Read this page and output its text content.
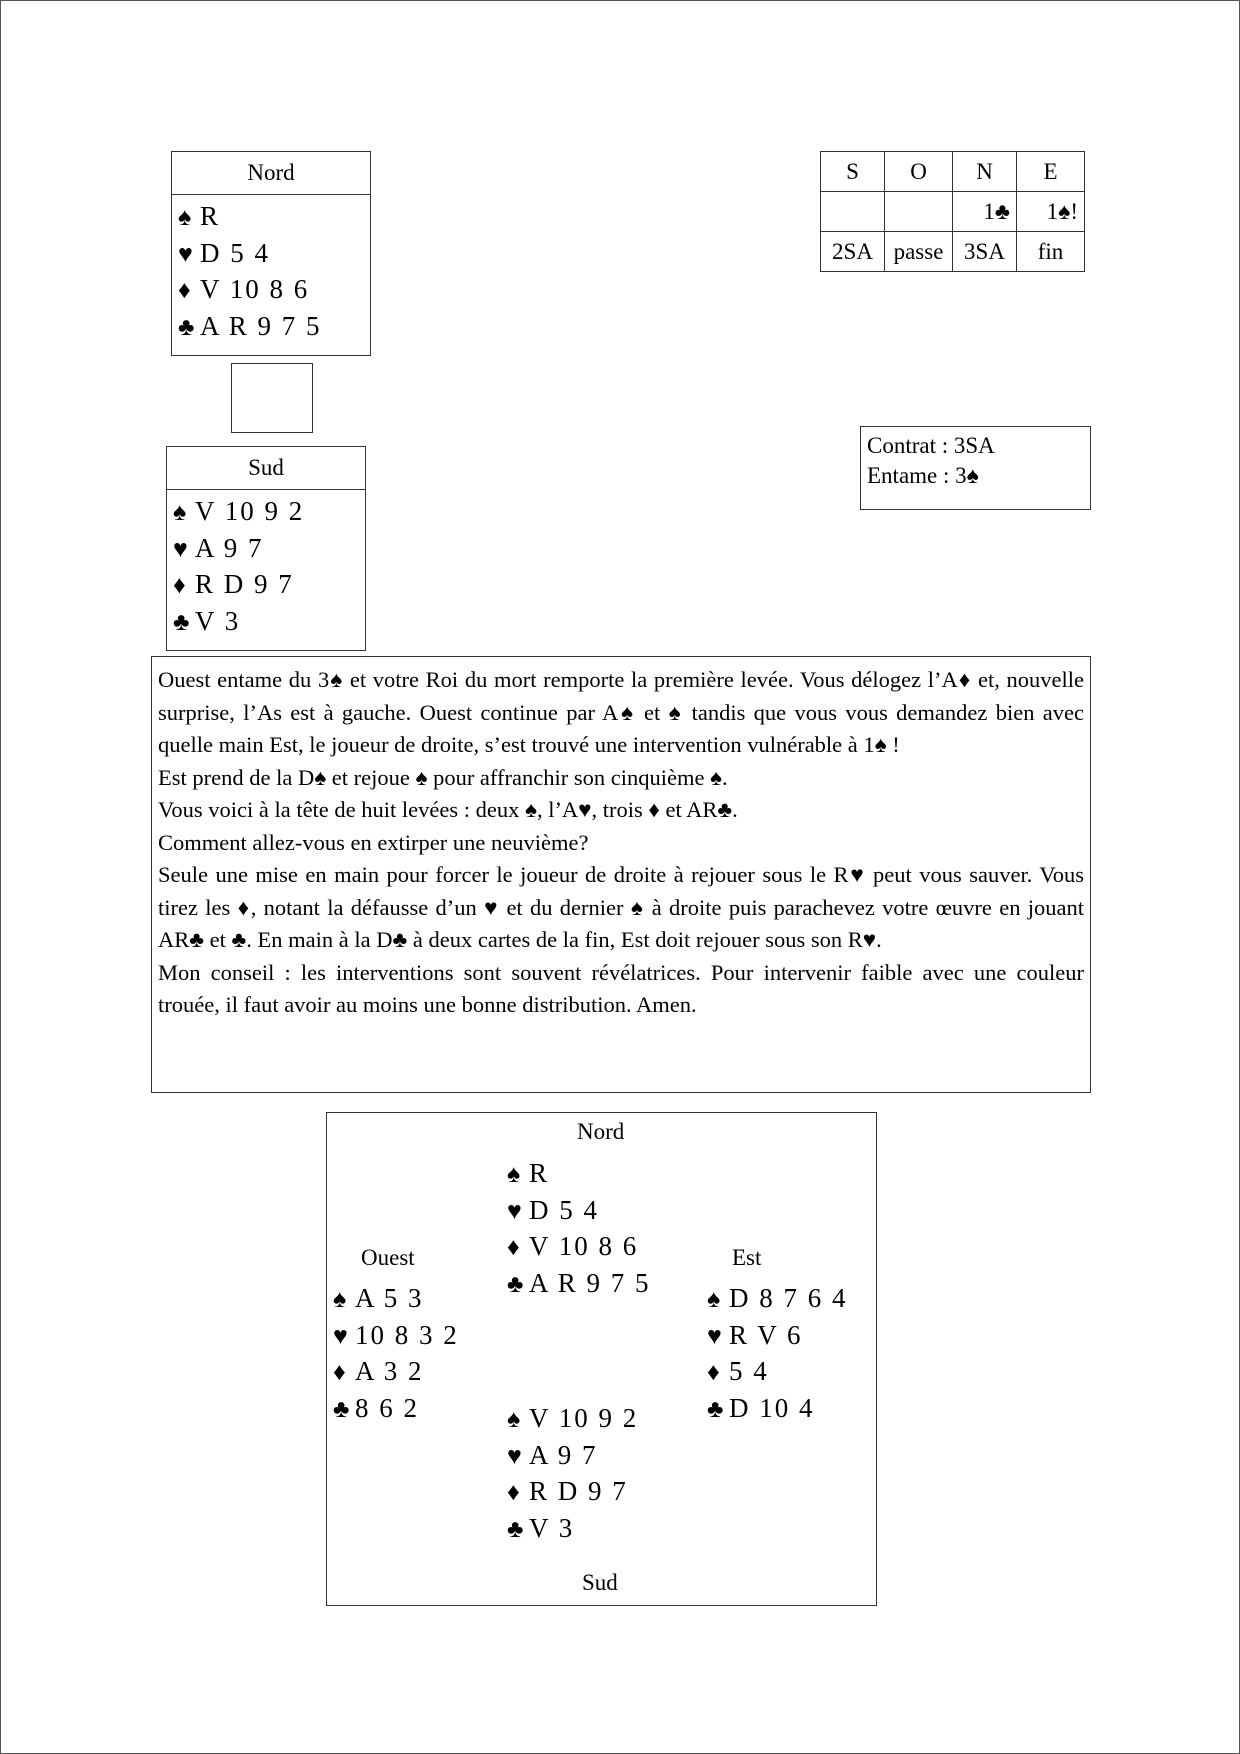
Nord
♠ R
♥ D 5 4
♦ V 10 8 6
♣ A R 9 7 5
Sud
♠ V 10 9 2
♥ A 9 7
♦ R D 9 7
♣ V 3
S	O	N	E
		1♣	1♠!
2SA	passe	3SA	fin
Contrat : 3SA
Entame : 3♠

Ouest entame du 3♠ et votre Roi du mort remporte la première levée. Vous délogez l’A♦ et, nouvelle surprise, l’As est à gauche. Ouest continue par A♠ et ♠ tandis que vous vous demandez bien avec quelle main Est, le joueur de droite, s’est trouvé une intervention vulnérable à 1♠ !

Est prend de la D♠ et rejoue ♠ pour affranchir son cinquième ♠.

Vous voici à la tête de huit levées : deux ♠, l’A♥, trois ♦ et AR♣.

Comment allez-vous en extirper une neuvième?

Seule une mise en main pour forcer le joueur de droite à rejouer sous le R♥ peut vous sauver. Vous tirez les ♦, notant la défausse d’un ♥ et du dernier ♠ à droite puis parachevez votre œuvre en jouant AR♣ et ♣. En main à la D♣ à deux cartes de la fin, Est doit rejouer sous son R♥.

Mon conseil : les interventions sont souvent révélatrices. Pour intervenir faible avec une couleur trouée, il faut avoir au moins une bonne distribution. Amen.

Nord
♠ R
♥ D 5 4
♦ V 10 8 6
♣ A R 9 7 5
Ouest
♠ A 5 3
♥ 10 8 3 2
♦ A 3 2
♣ 8 6 2
Est
♠ D 8 7 6 4
♥ R V 6
♦ 5 4
♣ D 10 4
♠ V 10 9 2
♥ A 9 7
♦ R D 9 7
♣ V 3
Sud
